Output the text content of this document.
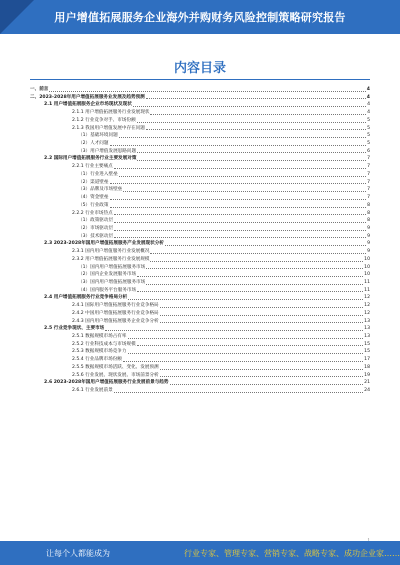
用户增值拓展服务企业海外并购财务风险控制策略研究报告
内容目录
一、前言	4
二、2023-2028年用户增值拓展服务业发展及趋势预测	4
2.1 用户增值拓展服务企业市场现状及现状	4
2.1.1 用户增值拓展服务行业发展现状	4
2.1.2 行业竞争对手、市场份额	5
2.1.3 我国用户增值发展中存在问题	5
（1）基础环境问题	5
（2）人才问题	5
（3）用户增值发展思路问题	6
2.2 国际用户增值拓展服务行业主要发展对策	7
2.2.1 行业主要痛点	7
（1）行业进入壁垒	7
（2）渠道壁垒	7
（3）品牌及市场壁垒	7
（4）资金壁垒	7
（5）行业政策	8
2.2.2 行业市场热点	8
（1）政策驱动层	8
（2）市场驱动层	9
（3）技术驱动层	9
2.3 2023-2028年国用户增值拓展服务产业发展现状分析	9
2.3.1 国内用户增值服务行业发展概况	9
2.3.2 用户增值拓展服务行业发展规模	10
（1）国内用户增值拓展服务市场	10
（2）国内企业发展服务市场	10
（3）国内用户增值拓展服务市场	11
（4）国内服务平台服务市场	11
2.4 用户增值拓展服务行业竞争格局分析	12
2.4.1 国际用户增值拓展服务行业竞争格局	12
2.4.2 中国用户增值拓展服务行业竞争格局	12
2.4.3 国内用户增值拓展服务企业竞争分析	13
2.5 行业竞争现状、主要市场	13
2.5.1 数据规模市场占有率	13
2.5.2 行业科技成本与市场规模	15
2.5.3 数据规模市场竞争力	15
2.5.4 行业品牌市场份额	17
2.5.5 数据规模市场活跃、变化、发展预测	18
2.5.6 行业发展、现状发展、市场前景分析	19
2.6 2023-2028年国用户增值拓展服务行业发展前景与趋势	21
2.6.1 行业发展前景	24
让每个人都能成为	行业专家、管理专家、营销专家、战略专家、成功企业家……
